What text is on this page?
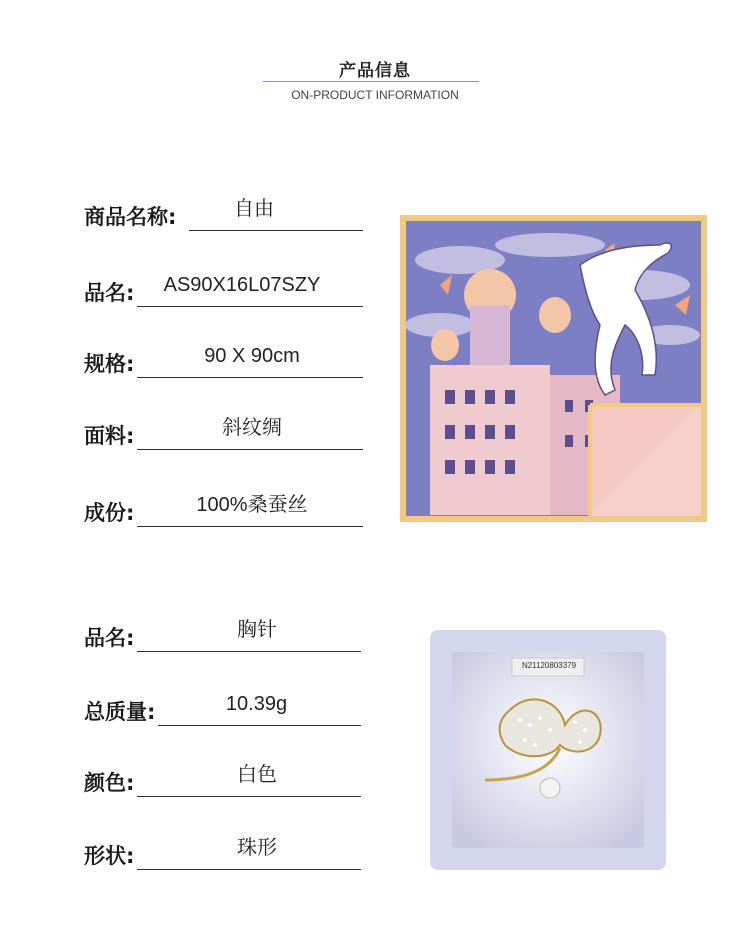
产品信息
ON-PRODUCT INFORMATION
商品名称:	自由
品名:	AS90X16L07SZY
规格:	90 X 90cm
面料:	斜纹绸
成份:	100%桑蚕丝
品名:	胸针
总质量:	10.39g
颜色:	白色
形状:	珠形
N21120803379
